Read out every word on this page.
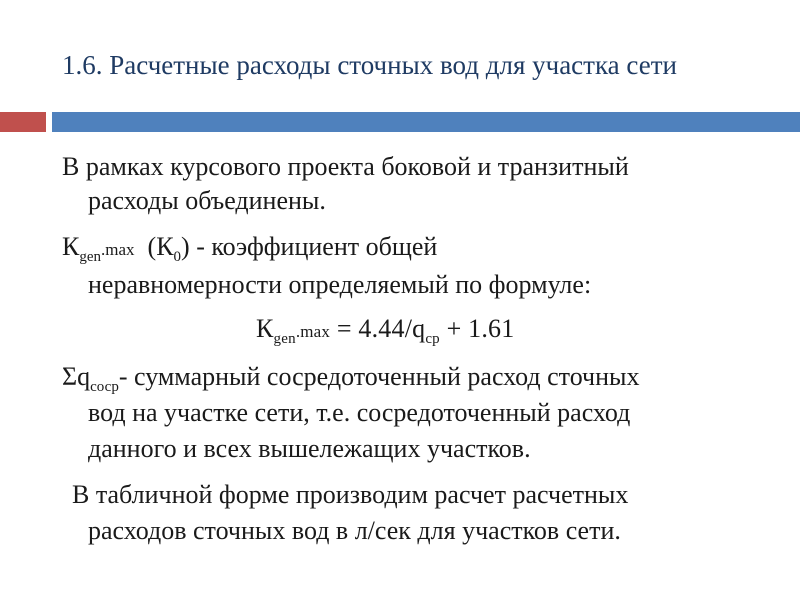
1.6. Расчетные расходы сточных вод для участка сети
В рамках курсового проекта боковой и транзитный
расходы объединены.
$К_{gen}.\max$  $(К_0)$ - коэффициент общей
неравномерности определяемый по формуле:
$К_{gen}.\max = 4.44/q_{ср} + 1.61$
$\Sigma q_{соср}-$ суммарный сосредоточенный расход сточных
вод на участке сети, т.е. сосредоточенный расход
данного и всех вышележащих участков.
В табличной форме производим расчет расчетных
расходов сточных вод в л/сек для участков сети.
